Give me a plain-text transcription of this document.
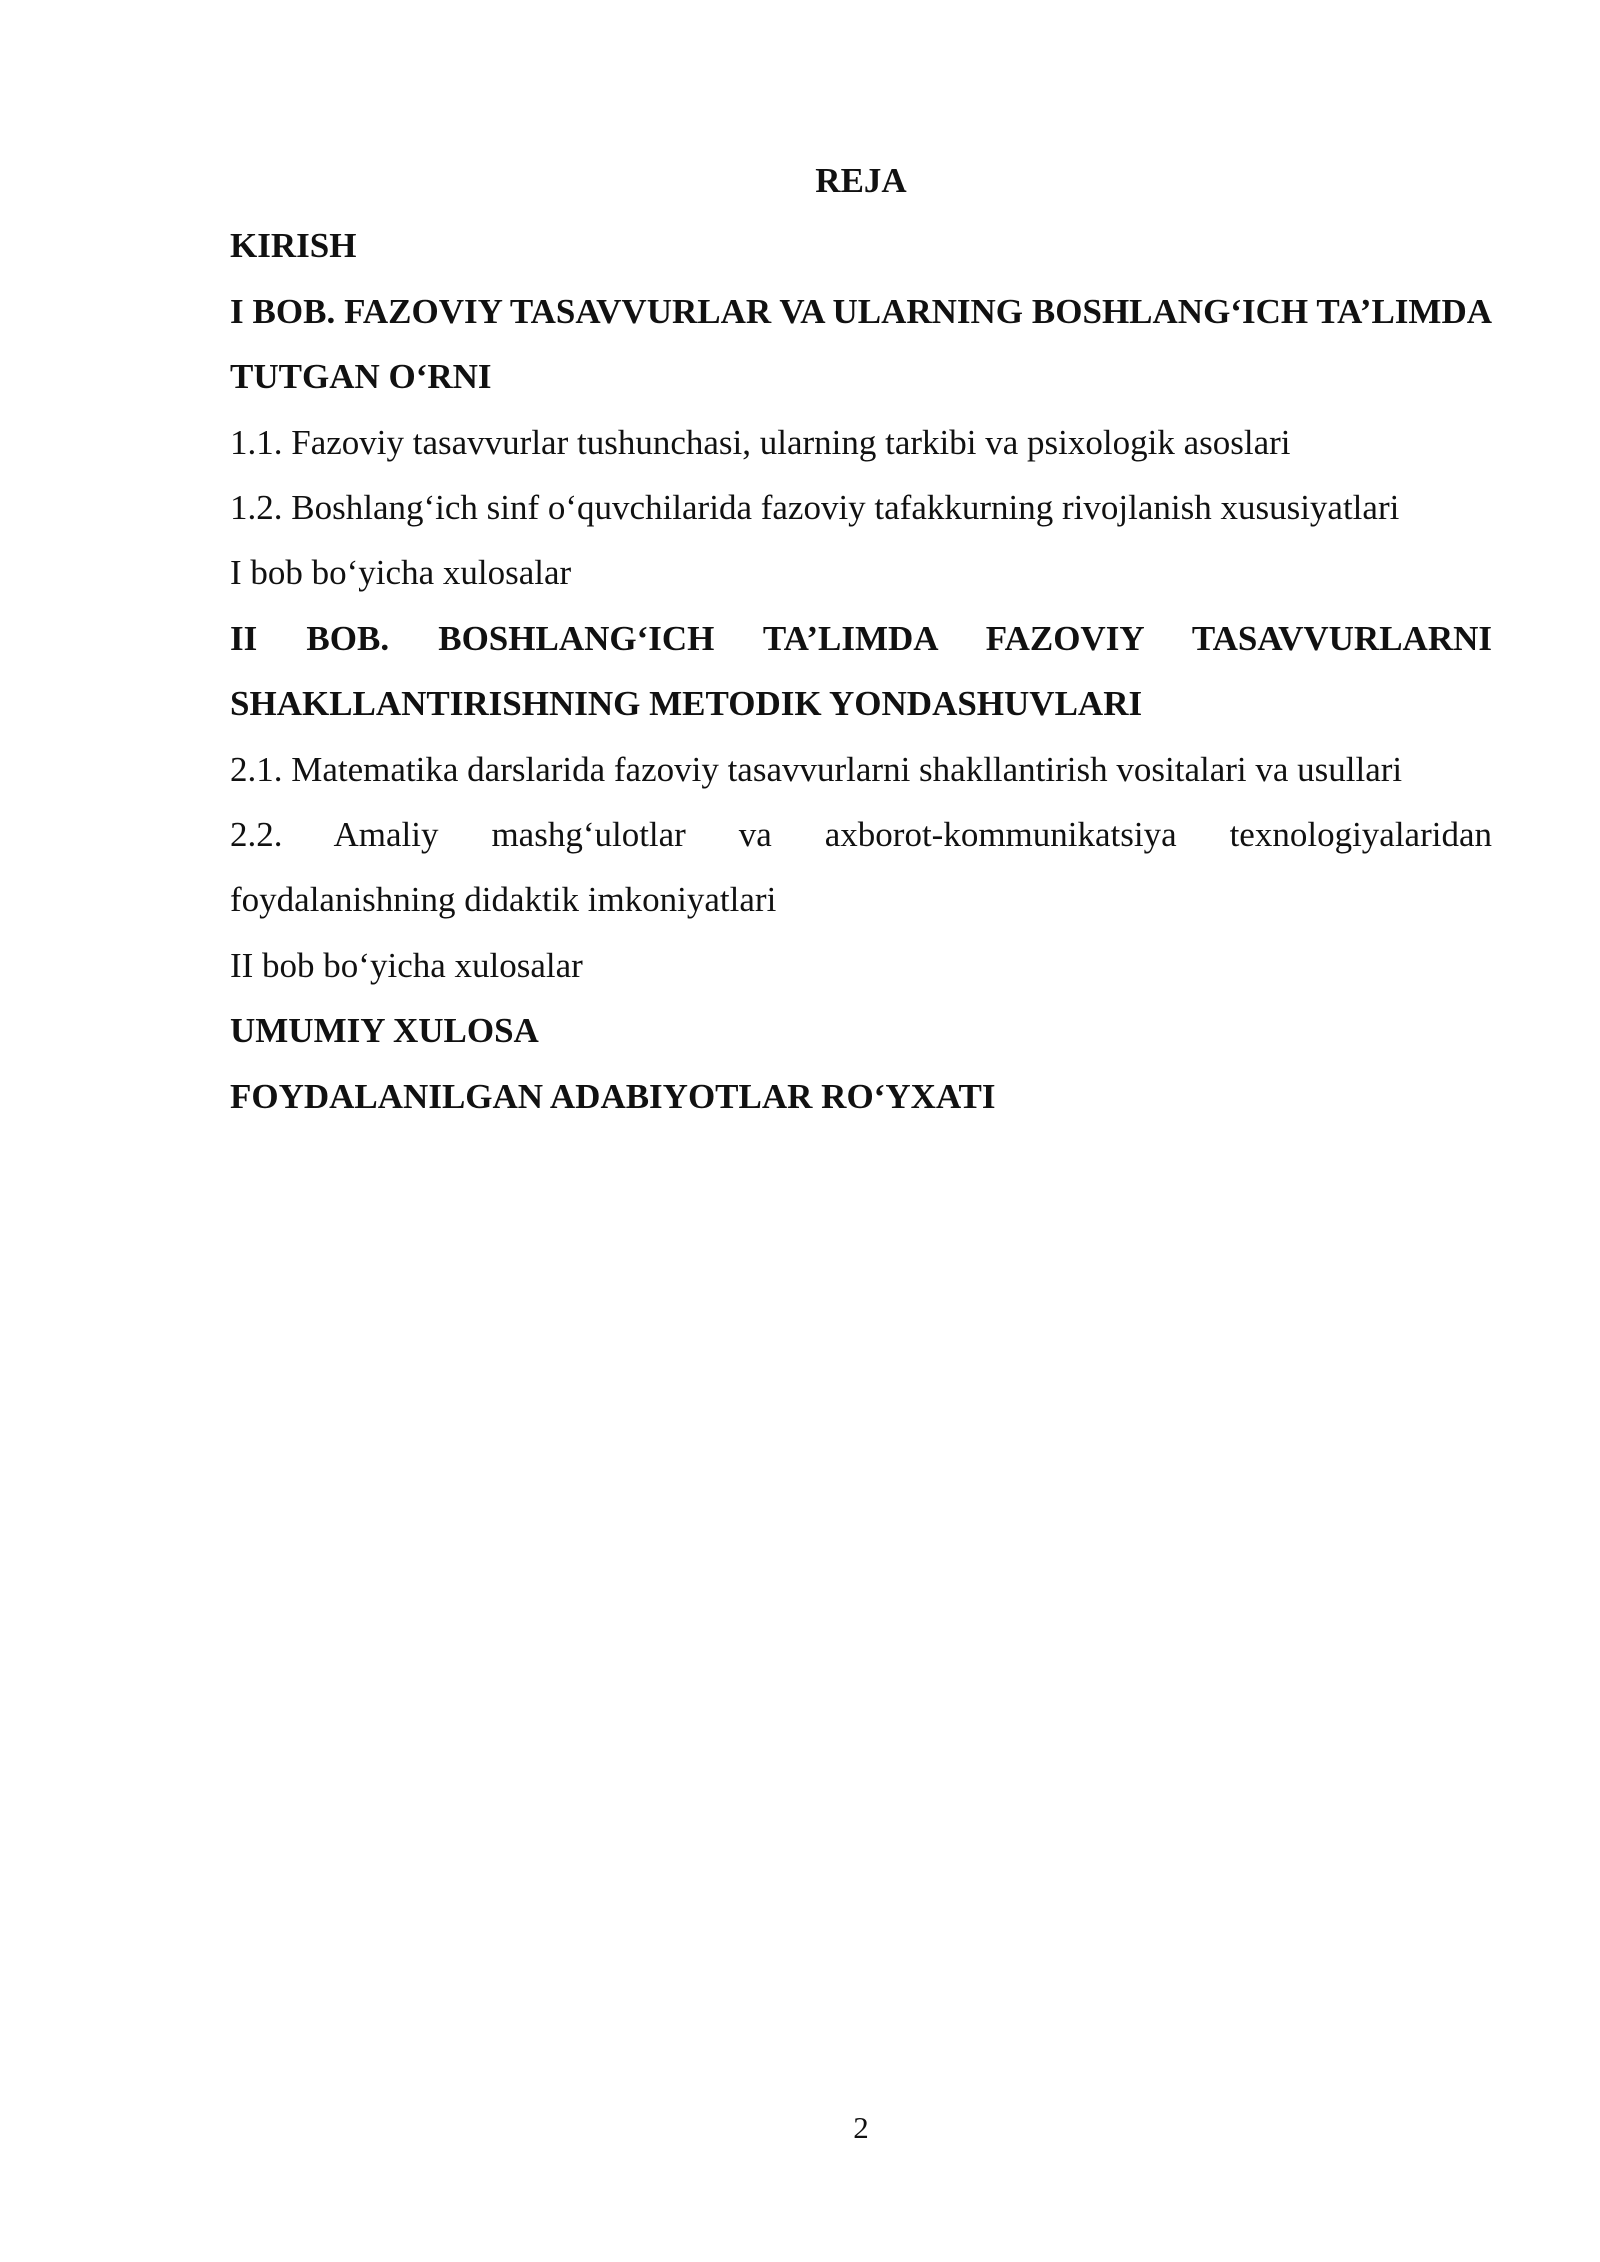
REJA

KIRISH

I BOB. FAZOVIY TASAVVURLAR VA ULARNING BOSHLANG‘ICH TA’LIMDA TUTGAN O‘RNI

1.1. Fazoviy tasavvurlar tushunchasi, ularning tarkibi va psixologik asoslari

1.2. Boshlang‘ich sinf o‘quvchilarida fazoviy tafakkurning rivojlanish xususiyatlari

I bob bo‘yicha xulosalar

II BOB. BOSHLANG‘ICH TA’LIMDA FAZOVIY TASAVVURLARNI SHAKLLANTIRISHNING METODIK YONDASHUVLARI

2.1. Matematika darslarida fazoviy tasavvurlarni shakllantirish vositalari va usullari

2.2. Amaliy mashg‘ulotlar va axborot-kommunikatsiya texnologiyalaridan foydalanishning didaktik imkoniyatlari

II bob bo‘yicha xulosalar

UMUMIY XULOSA

FOYDALANILGAN ADABIYOTLAR RO‘YXATI

2
